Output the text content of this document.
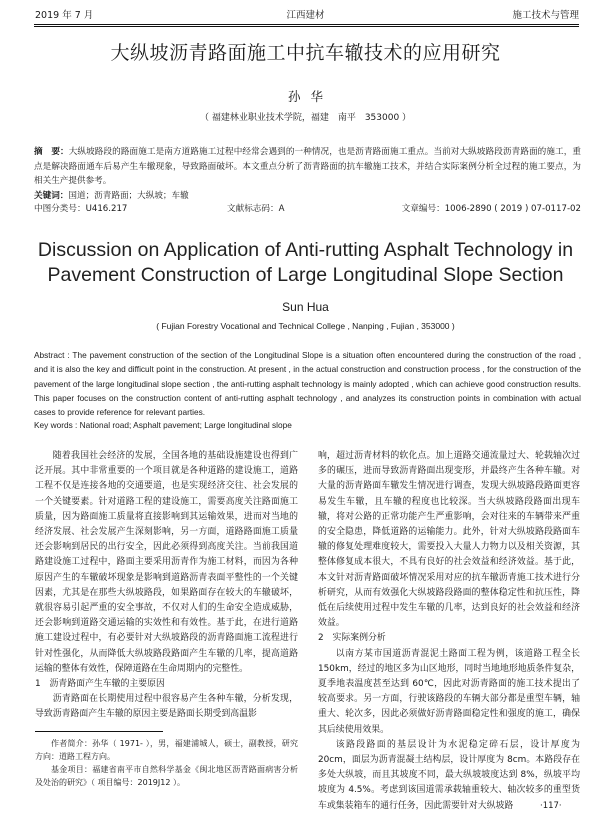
2019 年 7 月	江西建材	施工技术与管理
大纵坡沥青路面施工中抗车辙技术的应用研究
孙华
（ 福建林业职业技术学院，福建　南平　353000 ）
摘　要：大纵坡路段的路面施工是南方道路施工过程中经常会遇到的一种情况，也是沥青路面施工重点。当前对大纵坡路段沥青路面的施工，重点是解决路面通车后易产生车辙现象，导致路面破坏。本文重点分析了沥青路面的抗车辙施工技术，并结合实际案例分析全过程的施工要点，为相关生产提供参考。
关键词：国道；沥青路面；大纵坡；车辙
中图分类号：U416.217	文献标志码：A	文章编号：1006-2890 ( 2019 ) 07-0117-02
Discussion on Application of Anti-rutting Asphalt Technology in
Pavement Construction of Large Longitudinal Slope Section
Sun Hua
( Fujian Forestry Vocational and Technical College , Nanping , Fujian , 353000 )
Abstract : The pavement construction of the section of the Longitudinal Slope is a situation often encountered during the construction of the road , and it is also the key and difficult point in the construction. At present , in the actual construction and construction process , for the construction of the pavement of the large longitudinal slope section , the anti-rutting asphalt technology is mainly adopted , which can achieve good construction results. This paper focuses on the construction content of anti-rutting asphalt technology , and analyzes its construction points in combination with actual cases to provide reference for relevant parties.
Key words : National road; Asphalt pavement; Large longitudinal slope

随着我国社会经济的发展，全国各地的基础设施建设也得到广泛开展。其中非常重要的一个项目就是各种道路的建设施工，道路工程不仅是连接各地的交通要道，也是实现经济交往、社会发展的一个关键要素。针对道路工程的建设施工，需要高度关注路面施工质量，因为路面施工质量将直接影响到其运输效果，进而对当地的经济发展、社会发展产生深刻影响，另一方面，道路路面施工质量还会影响到居民的出行安全，因此必须得到高度关注。当前我国道路建设施工过程中，路面主要采用沥青作为施工材料，而因为各种原因产生的车辙破坏现象是影响到道路沥青表面平整性的一个关键因素，尤其是在那些大纵坡路段，如果路面存在较大的车辙破坏，就很容易引起严重的安全事故，不仅对人们的生命安全造成威胁，还会影响到道路交通运输的实效性和有效性。基于此，在进行道路施工建设过程中，有必要针对大纵坡路段的沥青路面施工流程进行针对性强化，从而降低大纵坡路段路面产生车辙的几率，提高道路运输的整体有效性，保障道路在生命周期内的完整性。

1　沥青路面产生车辙的主要原因

沥青路面在长期使用过程中很容易产生各种车辙，分析发现，导致沥青路面产生车辙的原因主要是路面长期受到高温影

作者简介：孙华（ 1971- ），男，福建浦城人，硕士，副教授，研究方向：道路工程方向。

基金项目：福建省南平市自然科学基金《闽北地区沥青路面病害分析及处治的研究》（ 项目编号：2019J12 ）。

响，超过沥青材料的软化点。加上道路交通流量过大、轮载轴次过多的碾压，进而导致沥青路面出现变形，并最终产生各种车辙。对大量的沥青路面车辙发生情况进行调查，发现大纵坡路段路面更容易发生车辙，且车辙的程度也比较深。当大纵坡路段路面出现车辙，将对公路的正常功能产生严重影响，会对往来的车辆带来严重的安全隐患，降低道路的运输能力。此外，针对大纵坡路段路面车辙的修复处理难度较大，需要投入大量人力物力以及相关资源，其整体修复成本很大，不具有良好的社会效益和经济效益。基于此，本文针对沥青路面破坏情况采用对应的抗车辙沥青施工技术进行分析研究，从而有效强化大纵坡路段路面的整体稳定性和抗压性，降低在后续使用过程中发生车辙的几率，达到良好的社会效益和经济效益。

2　实际案例分析

以南方某市国道沥青混泥土路面工程为例，该道路工程全长 150km，经过的地区多为山区地形，同时当地地形地质条件复杂，夏季地表温度甚至达到 60℃，因此对沥青路面的施工技术提出了较高要求。另一方面，行驶该路段的车辆大部分都是重型车辆，轴重大、轮次多，因此必须做好沥青路面稳定性和强度的施工，确保其后续使用效果。

该路段路面的基层设计为水泥稳定碎石层，设计厚度为 20cm，面层为沥青混凝土结构层，设计厚度为 8cm。本路段存在多处大纵坡，而且其坡度不同，最大纵坡坡度达到 8%，纵坡平均坡度为 4.5%。考虑到该国道需承载轴重较大、轴次较多的重型货车或集装箱车的通行任务，因此需要针对大纵坡路	·117·
